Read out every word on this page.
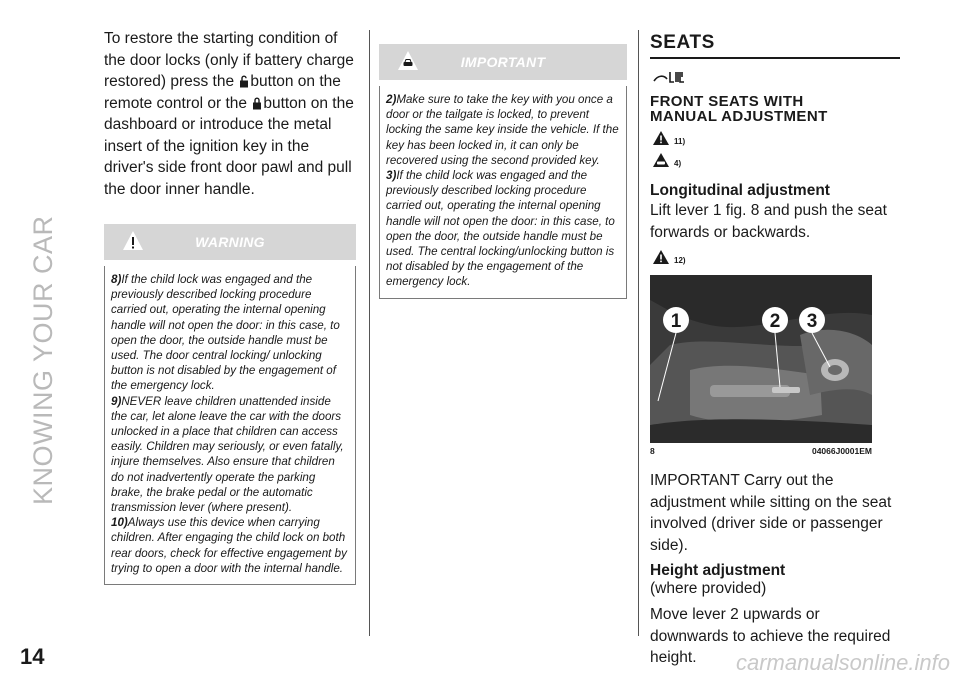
KNOWING YOUR CAR

To restore the starting condition of the door locks (only if battery charge restored) press the button on the remote control or the button on the dashboard or introduce the metal insert of the ignition key in the driver's side front door pawl and pull the door inner handle.

WARNING

8)If the child lock was engaged and the previously described locking procedure carried out, operating the internal opening handle will not open the door: in this case, to open the door, the outside handle must be used. The door central locking/ unlocking button is not disabled by the engagement of the emergency lock.

9)NEVER leave children unattended inside the car, let alone leave the car with the doors unlocked in a place that children can access easily. Children may seriously, or even fatally, injure themselves. Also ensure that children do not inadvertently operate the parking brake, the brake pedal or the automatic transmission lever (where present).

10)Always use this device when carrying children. After engaging the child lock on both rear doors, check for effective engagement by trying to open a door with the internal handle.

IMPORTANT

2)Make sure to take the key with you once a door or the tailgate is locked, to prevent locking the same key inside the vehicle. If the key has been locked in, it can only be recovered using the second provided key.

3)If the child lock was engaged and the previously described locking procedure carried out, operating the internal opening handle will not open the door: in this case, to open the door, the outside handle must be used. The central locking/unlocking button is not disabled by the engagement of the emergency lock.

SEATS
FRONT SEATS WITH
MANUAL ADJUSTMENT
11)
4)

Longitudinal adjustment

Lift lever 1 fig. 8 and push the seat forwards or backwards.

12)
1	2 3
8	04066J0001EM

IMPORTANT Carry out the adjustment while sitting on the seat involved (driver side or passenger side).

Height adjustment

(where provided)

Move lever 2 upwards or downwards to achieve the required height.

14	carmanualsonline.info
